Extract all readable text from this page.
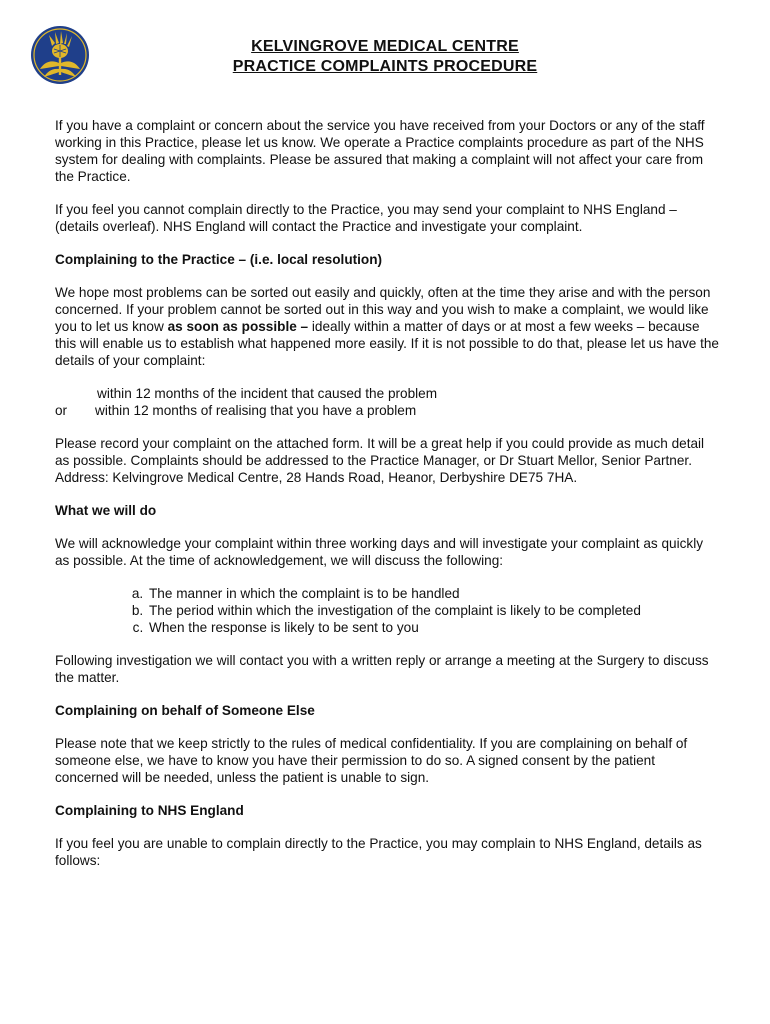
KELVINGROVE MEDICAL CENTRE
PRACTICE COMPLAINTS PROCEDURE

If you have a complaint or concern about the service you have received from your Doctors or any of the staff working in this Practice, please let us know. We operate a Practice complaints procedure as part of the NHS system for dealing with complaints. Please be assured that making a complaint will not affect your care from the Practice.

If you feel you cannot complain directly to the Practice, you may send your complaint to NHS England – (details overleaf). NHS England will contact the Practice and investigate your complaint.

Complaining to the Practice – (i.e. local resolution)

We hope most problems can be sorted out easily and quickly, often at the time they arise and with the person concerned. If your problem cannot be sorted out in this way and you wish to make a complaint, we would like you to let us know as soon as possible – ideally within a matter of days or at most a few weeks – because this will enable us to establish what happened more easily. If it is not possible to do that, please let us have the details of your complaint:

within 12 months of the incident that caused the problem
or within 12 months of realising that you have a problem

Please record your complaint on the attached form. It will be a great help if you could provide as much detail as possible. Complaints should be addressed to the Practice Manager, or Dr Stuart Mellor, Senior Partner. Address: Kelvingrove Medical Centre, 28 Hands Road, Heanor, Derbyshire DE75 7HA.

What we will do

We will acknowledge your complaint within three working days and will investigate your complaint as quickly as possible. At the time of acknowledgement, we will discuss the following:

a. The manner in which the complaint is to be handled
b. The period within which the investigation of the complaint is likely to be completed
c. When the response is likely to be sent to you

Following investigation we will contact you with a written reply or arrange a meeting at the Surgery to discuss the matter.

Complaining on behalf of Someone Else

Please note that we keep strictly to the rules of medical confidentiality. If you are complaining on behalf of someone else, we have to know you have their permission to do so. A signed consent by the patient concerned will be needed, unless the patient is unable to sign.

Complaining to NHS England

If you feel you are unable to complain directly to the Practice, you may complain to NHS England, details as follows:
